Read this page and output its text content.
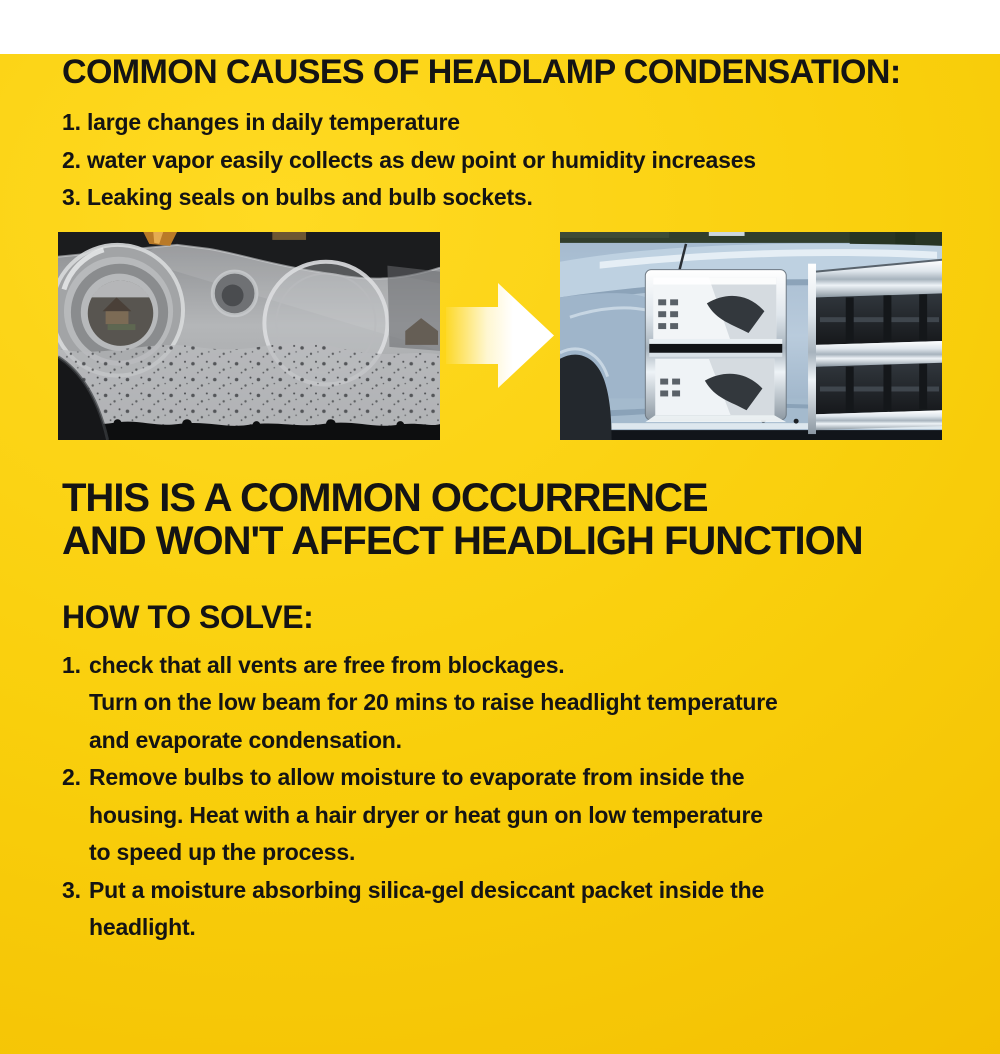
COMMON CAUSES OF HEADLAMP CONDENSATION:
1. large changes in daily temperature
2. water vapor easily collects as dew point or humidity increases
3. Leaking seals on bulbs and bulb sockets.
THIS IS A COMMON OCCURRENCE
AND WON'T AFFECT HEADLIGH FUNCTION
HOW TO SOLVE:
1. check that all vents are free from blockages.
Turn on the low beam for 20 mins to raise headlight temperature
and evaporate condensation.
2. Remove bulbs to allow moisture to evaporate from inside the
housing. Heat with a hair dryer or heat gun on low temperature
to speed up the process.
3. Put a moisture absorbing silica-gel desiccant packet inside the
headlight.
